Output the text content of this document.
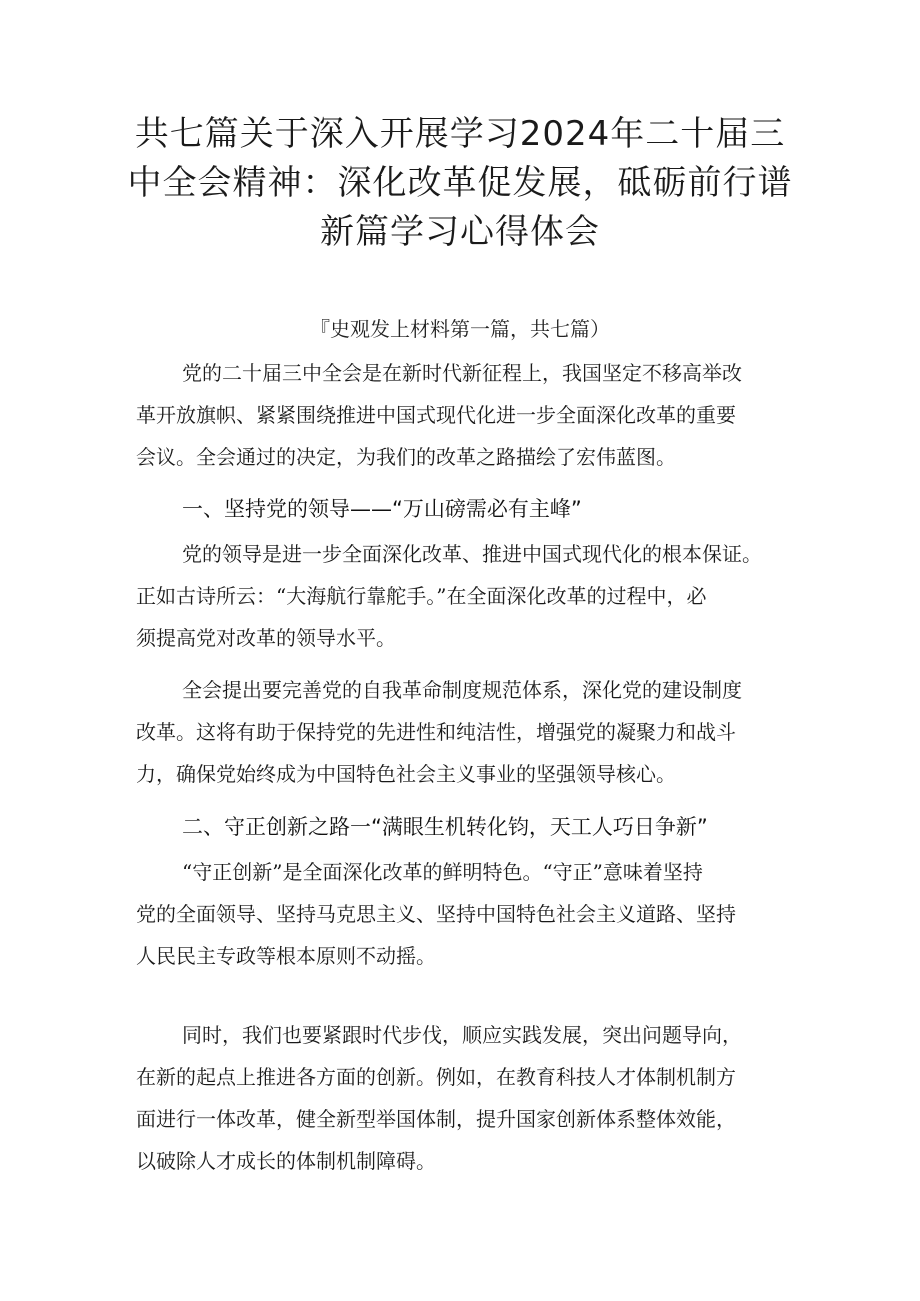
共七篇关于深入开展学习2024年二十届三
中全会精神：深化改革促发展，砥砺前行谱
新篇学习心得体会
『史观发上材料第一篇，共七篇）
党的二十届三中全会是在新时代新征程上，我国坚定不移高举改
革开放旗帜、紧紧围绕推进中国式现代化进一步全面深化改革的重要
会议。全会通过的决定，为我们的改革之路描绘了宏伟蓝图。
一、坚持党的领导——“万山磅需必有主峰”
党的领导是进一步全面深化改革、推进中国式现代化的根本保证。
正如古诗所云：“大海航行靠舵手。”在全面深化改革的过程中，必
须提高党对改革的领导水平。
全会提出要完善党的自我革命制度规范体系，深化党的建设制度
改革。这将有助于保持党的先进性和纯洁性，增强党的凝聚力和战斗
力，确保党始终成为中国特色社会主义事业的坚强领导核心。
二、守正创新之路一“满眼生机转化钧，天工人巧日争新”
“守正创新”是全面深化改革的鲜明特色。“守正”意味着坚持
党的全面领导、坚持马克思主义、坚持中国特色社会主义道路、坚持
人民民主专政等根本原则不动摇。
同时，我们也要紧跟时代步伐，顺应实践发展，突出问题导向，
在新的起点上推进各方面的创新。例如，在教育科技人才体制机制方
面进行一体改革，健全新型举国体制，提升国家创新体系整体效能，
以破除人才成长的体制机制障碍。
